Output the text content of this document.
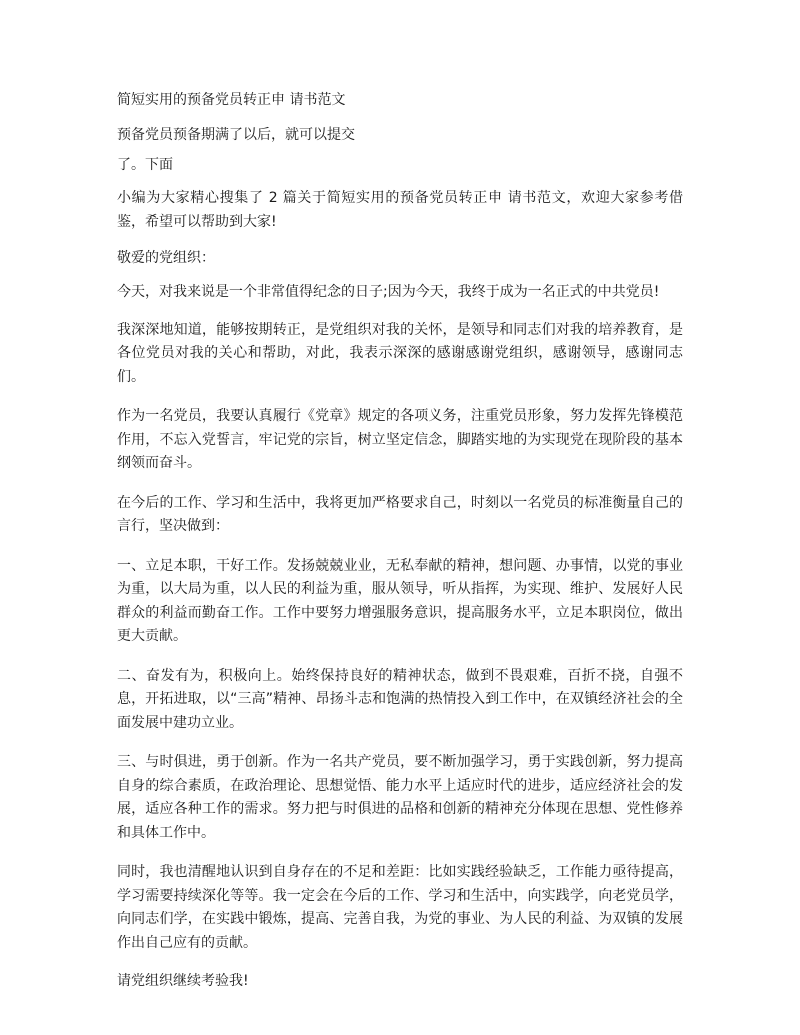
简短实用的预备党员转正申 请书范文

预备党员预备期满了以后，就可以提交

了。下面

小编为大家精心搜集了 2 篇关于简短实用的预备党员转正申 请书范文，欢迎大家参考借鉴，希望可以帮助到大家!

敬爱的党组织：

今天，对我来说是一个非常值得纪念的日子;因为今天，我终于成为一名正式的中共党员!

我深深地知道，能够按期转正，是党组织对我的关怀，是领导和同志们对我的培养教育，是各位党员对我的关心和帮助，对此，我表示深深的感谢感谢党组织，感谢领导，感谢同志们。

作为一名党员，我要认真履行《党章》规定的各项义务，注重党员形象，努力发挥先锋模范作用，不忘入党誓言，牢记党的宗旨，树立坚定信念，脚踏实地的为实现党在现阶段的基本纲领而奋斗。

在今后的工作、学习和生活中，我将更加严格要求自己，时刻以一名党员的标准衡量自己的言行，坚决做到：

一、立足本职，干好工作。发扬兢兢业业，无私奉献的精神，想问题、办事情，以党的事业为重，以大局为重，以人民的利益为重，服从领导，听从指挥，为实现、维护、发展好人民群众的利益而勤奋工作。工作中要努力增强服务意识，提高服务水平，立足本职岗位，做出更大贡献。

二、奋发有为，积极向上。始终保持良好的精神状态，做到不畏艰难，百折不挠，自强不息，开拓进取，以“三高”精神、昂扬斗志和饱满的热情投入到工作中，在双镇经济社会的全面发展中建功立业。

三、与时俱进，勇于创新。作为一名共产党员，要不断加强学习，勇于实践创新，努力提高自身的综合素质，在政治理论、思想觉悟、能力水平上适应时代的进步，适应经济社会的发展，适应各种工作的需求。努力把与时俱进的品格和创新的精神充分体现在思想、党性修养和具体工作中。

同时，我也清醒地认识到自身存在的不足和差距：比如实践经验缺乏，工作能力亟待提高，学习需要持续深化等等。我一定会在今后的工作、学习和生活中，向实践学，向老党员学，向同志们学，在实践中锻炼，提高、完善自我，为党的事业、为人民的利益、为双镇的发展作出自己应有的贡献。

请党组织继续考验我!
